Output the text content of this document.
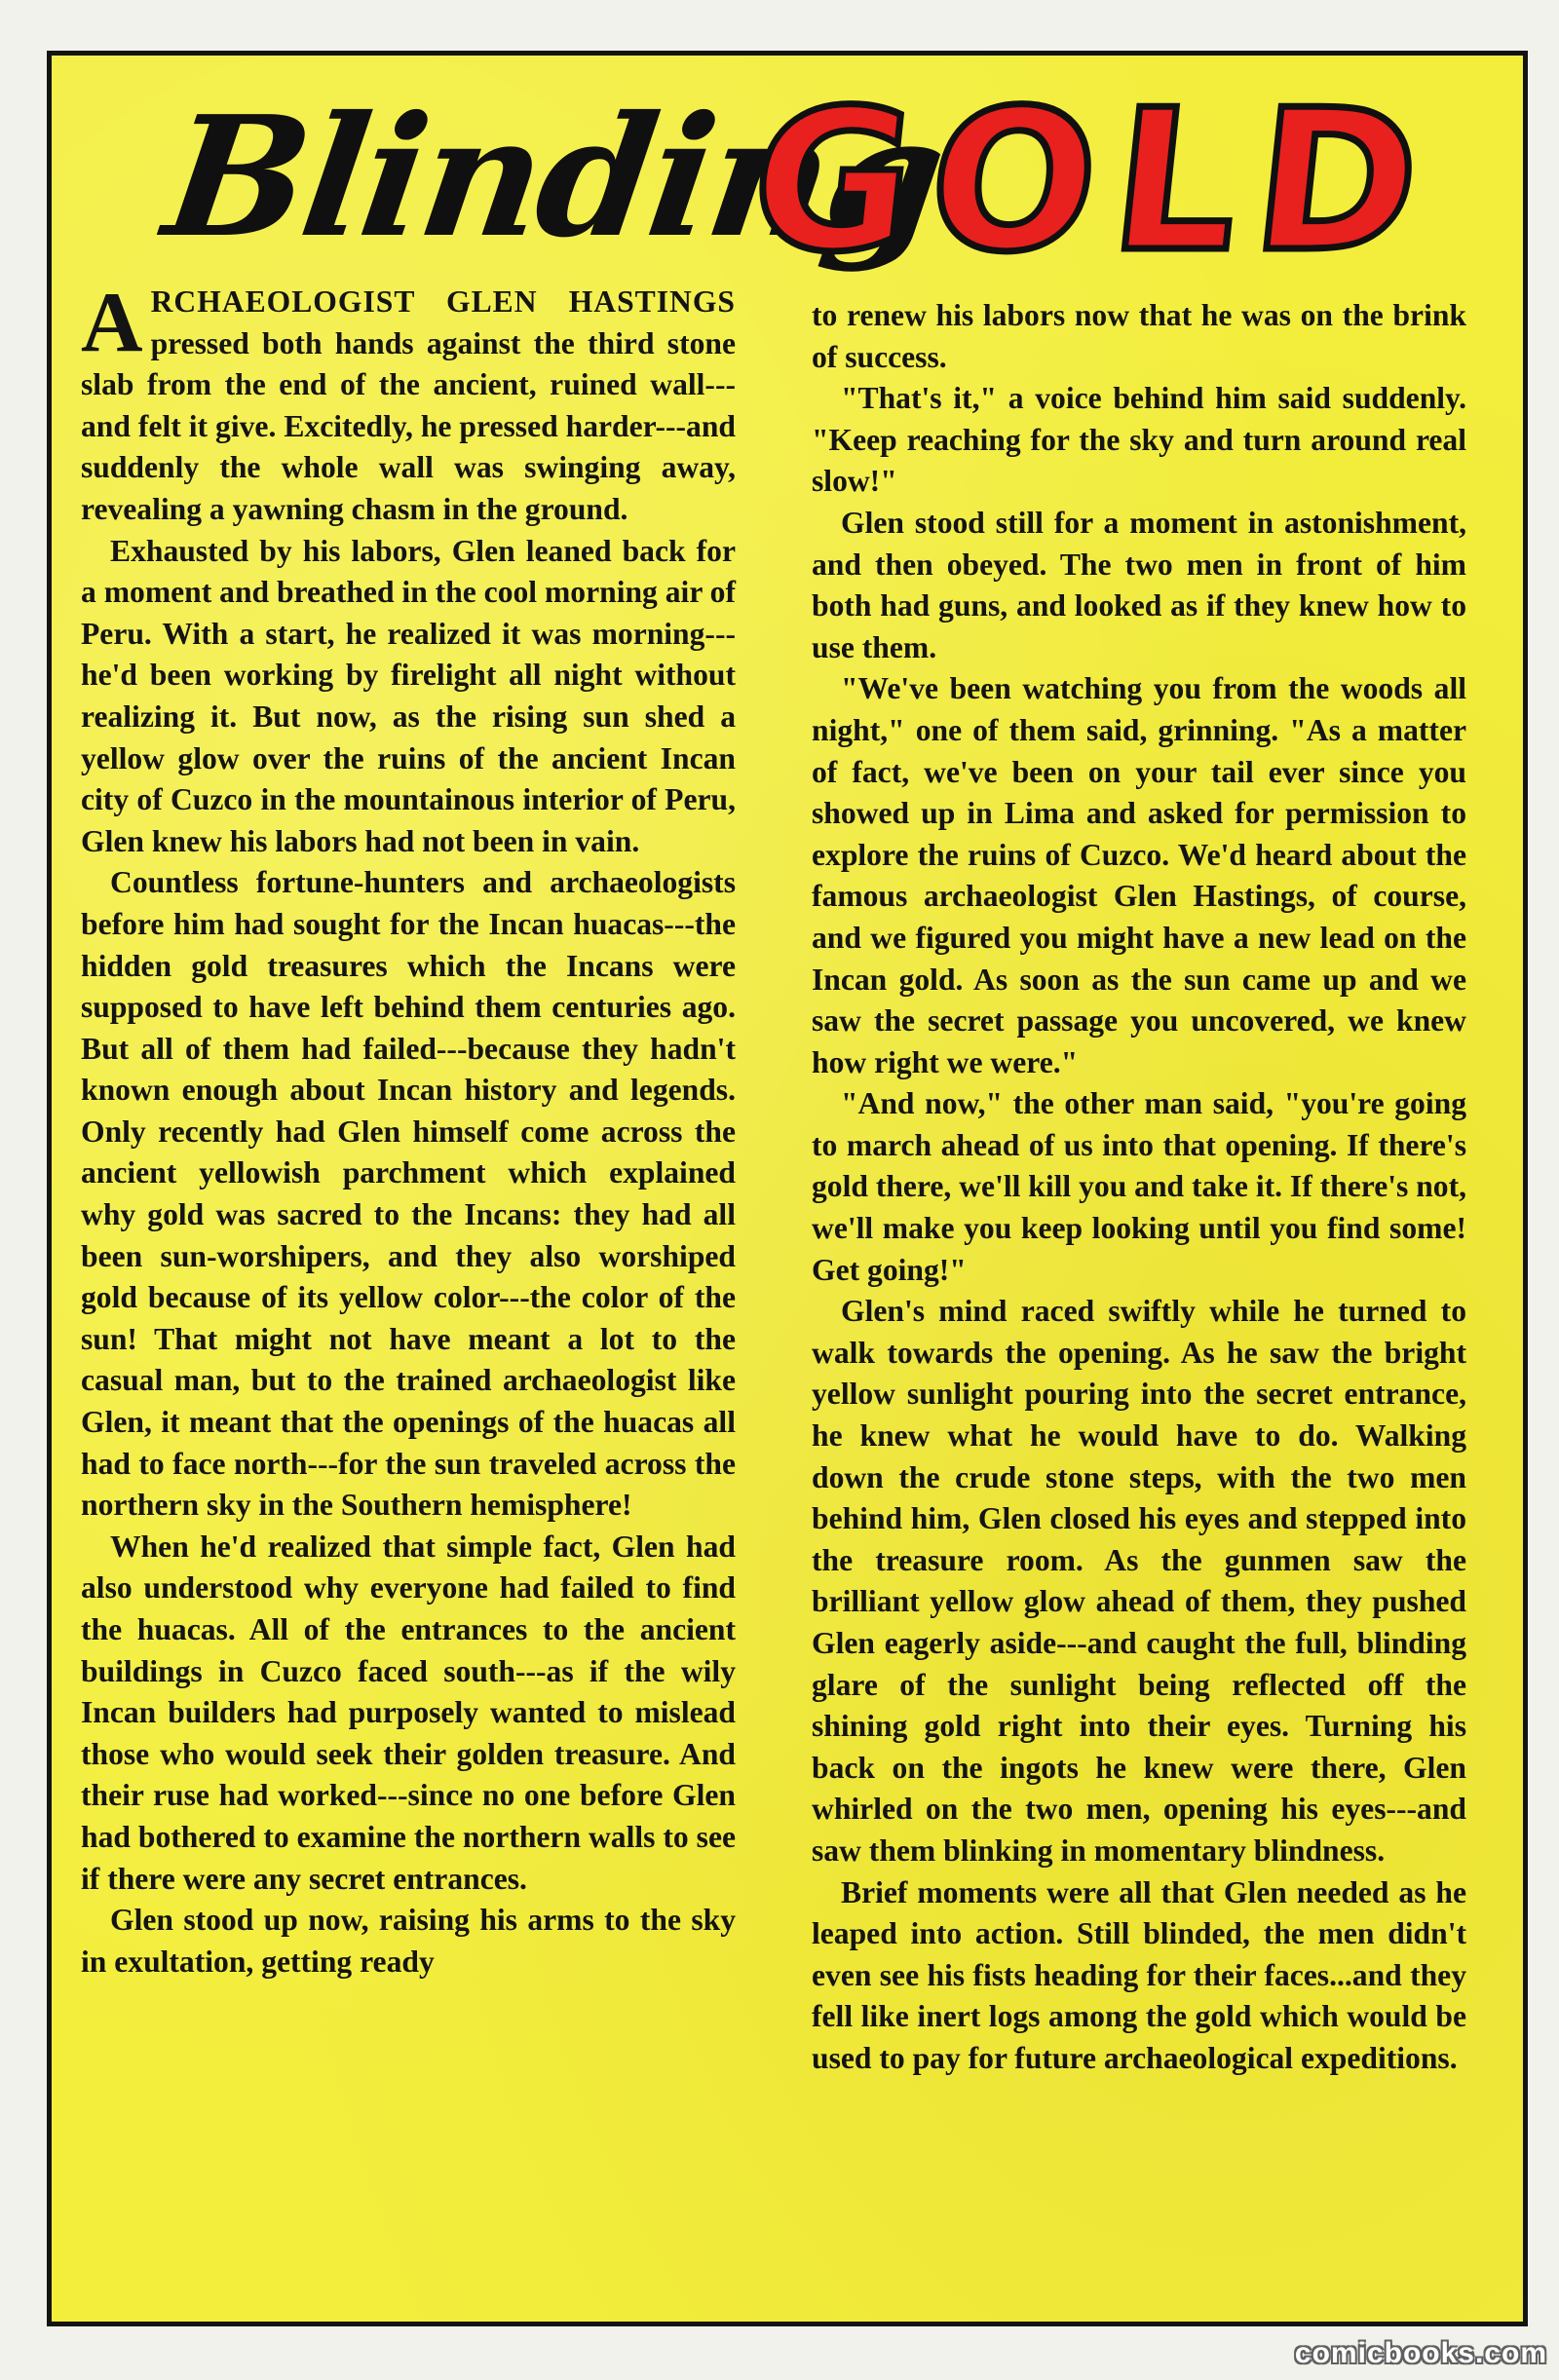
Blinding
GOLD

ARCHAEOLOGIST GLEN HASTINGS pressed both hands against the third stone slab from the end of the ancient, ruined wall---and felt it give. Excitedly, he pressed harder---and suddenly the whole wall was swinging away, revealing a yawning chasm in the ground.

Exhausted by his labors, Glen leaned back for a moment and breathed in the cool morning air of Peru. With a start, he realized it was morning---he'd been working by firelight all night without realizing it. But now, as the rising sun shed a yellow glow over the ruins of the ancient Incan city of Cuzco in the mountainous interior of Peru, Glen knew his labors had not been in vain.

Countless fortune-hunters and archaeologists before him had sought for the Incan huacas---the hidden gold treasures which the Incans were supposed to have left behind them centuries ago. But all of them had failed---because they hadn't known enough about Incan history and legends. Only recently had Glen himself come across the ancient yellowish parchment which explained why gold was sacred to the Incans: they had all been sun-worshipers, and they also worshiped gold because of its yellow color---the color of the sun! That might not have meant a lot to the casual man, but to the trained archaeologist like Glen, it meant that the openings of the huacas all had to face north---for the sun traveled across the northern sky in the Southern hemisphere!

When he'd realized that simple fact, Glen had also understood why everyone had failed to find the huacas. All of the entrances to the ancient buildings in Cuzco faced south---as if the wily Incan builders had purposely wanted to mislead those who would seek their golden treasure. And their ruse had worked---since no one before Glen had bothered to examine the northern walls to see if there were any secret entrances.

Glen stood up now, raising his arms to the sky in exultation, getting ready

to renew his labors now that he was on the brink of success.

"That's it," a voice behind him said suddenly. "Keep reaching for the sky and turn around real slow!"

Glen stood still for a moment in astonishment, and then obeyed. The two men in front of him both had guns, and looked as if they knew how to use them.

"We've been watching you from the woods all night," one of them said, grinning. "As a matter of fact, we've been on your tail ever since you showed up in Lima and asked for permission to explore the ruins of Cuzco. We'd heard about the famous archaeologist Glen Hastings, of course, and we figured you might have a new lead on the Incan gold. As soon as the sun came up and we saw the secret passage you uncovered, we knew how right we were."

"And now," the other man said, "you're going to march ahead of us into that opening. If there's gold there, we'll kill you and take it. If there's not, we'll make you keep looking until you find some! Get going!"

Glen's mind raced swiftly while he turned to walk towards the opening. As he saw the bright yellow sunlight pouring into the secret entrance, he knew what he would have to do. Walking down the crude stone steps, with the two men behind him, Glen closed his eyes and stepped into the treasure room. As the gunmen saw the brilliant yellow glow ahead of them, they pushed Glen eagerly aside---and caught the full, blinding glare of the sunlight being reflected off the shining gold right into their eyes. Turning his back on the ingots he knew were there, Glen whirled on the two men, opening his eyes---and saw them blinking in momentary blindness.

Brief moments were all that Glen needed as he leaped into action. Still blinded, the men didn't even see his fists heading for their faces...and they fell like inert logs among the gold which would be used to pay for future archaeological expeditions.

comicbooks.com
